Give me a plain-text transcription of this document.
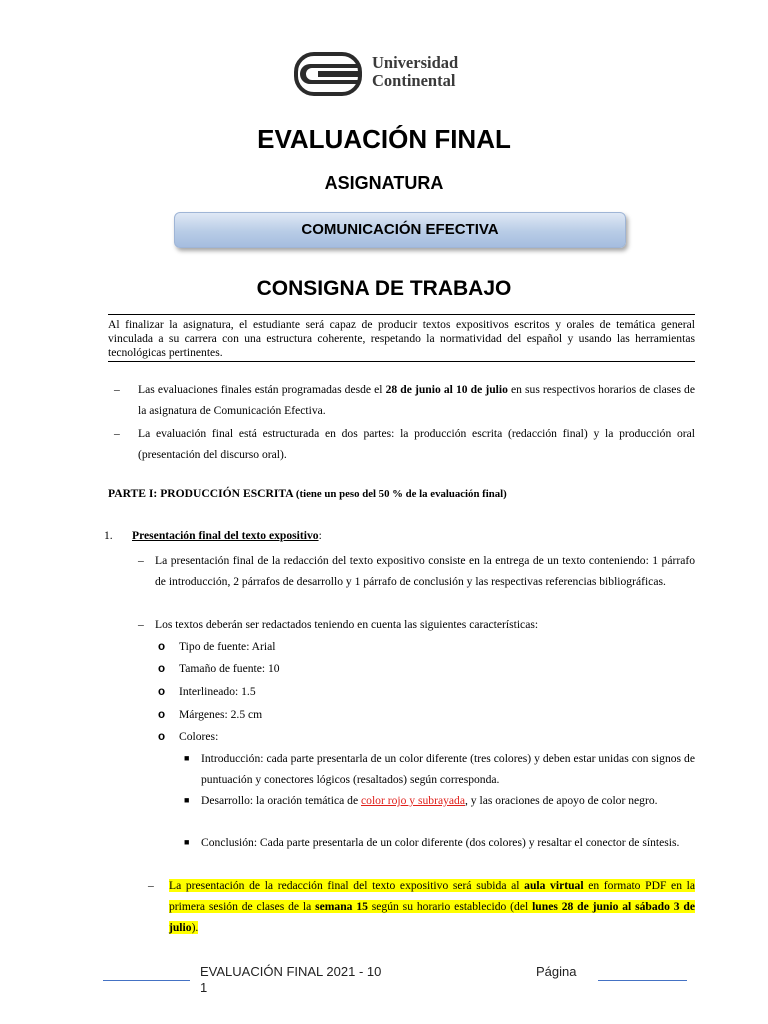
Universidad
Continental
EVALUACIÓN FINAL
ASIGNATURA
COMUNICACIÓN EFECTIVA
CONSIGNA DE TRABAJO
Al finalizar la asignatura, el estudiante será capaz de producir textos expositivos escritos y orales de temática general vinculada a su carrera con una estructura coherente, respetando la normatividad del español y usando las herramientas tecnológicas pertinentes.
– Las evaluaciones finales están programadas desde el 28 de junio al 10 de julio en sus respectivos horarios de clases de la asignatura de Comunicación Efectiva.
– La evaluación final está estructurada en dos partes: la producción escrita (redacción final) y la producción oral (presentación del discurso oral).
PARTE I: PRODUCCIÓN ESCRITA (tiene un peso del 50 % de la evaluación final)
1. Presentación final del texto expositivo:
– La presentación final de la redacción del texto expositivo consiste en la entrega de un texto conteniendo: 1 párrafo de introducción, 2 párrafos de desarrollo y 1 párrafo de conclusión y las respectivas referencias bibliográficas.
– Los textos deberán ser redactados teniendo en cuenta las siguientes características:
o Tipo de fuente: Arial
o Tamaño de fuente: 10
o Interlineado: 1.5
o Márgenes: 2.5 cm
o Colores:
■ Introducción: cada parte presentarla de un color diferente (tres colores) y deben estar unidas con signos de puntuación y conectores lógicos (resaltados) según corresponda.
■ Desarrollo: la oración temática de color rojo y subrayada, y las oraciones de apoyo de color negro.
■ Conclusión: Cada parte presentarla de un color diferente (dos colores) y resaltar el conector de síntesis.
– La presentación de la redacción final del texto expositivo será subida al aula virtual en formato PDF en la primera sesión de clases de la semana 15 según su horario establecido (del lunes 28 de junio al sábado 3 de julio).
EVALUACIÓN FINAL 2021 - 10
1
Página
